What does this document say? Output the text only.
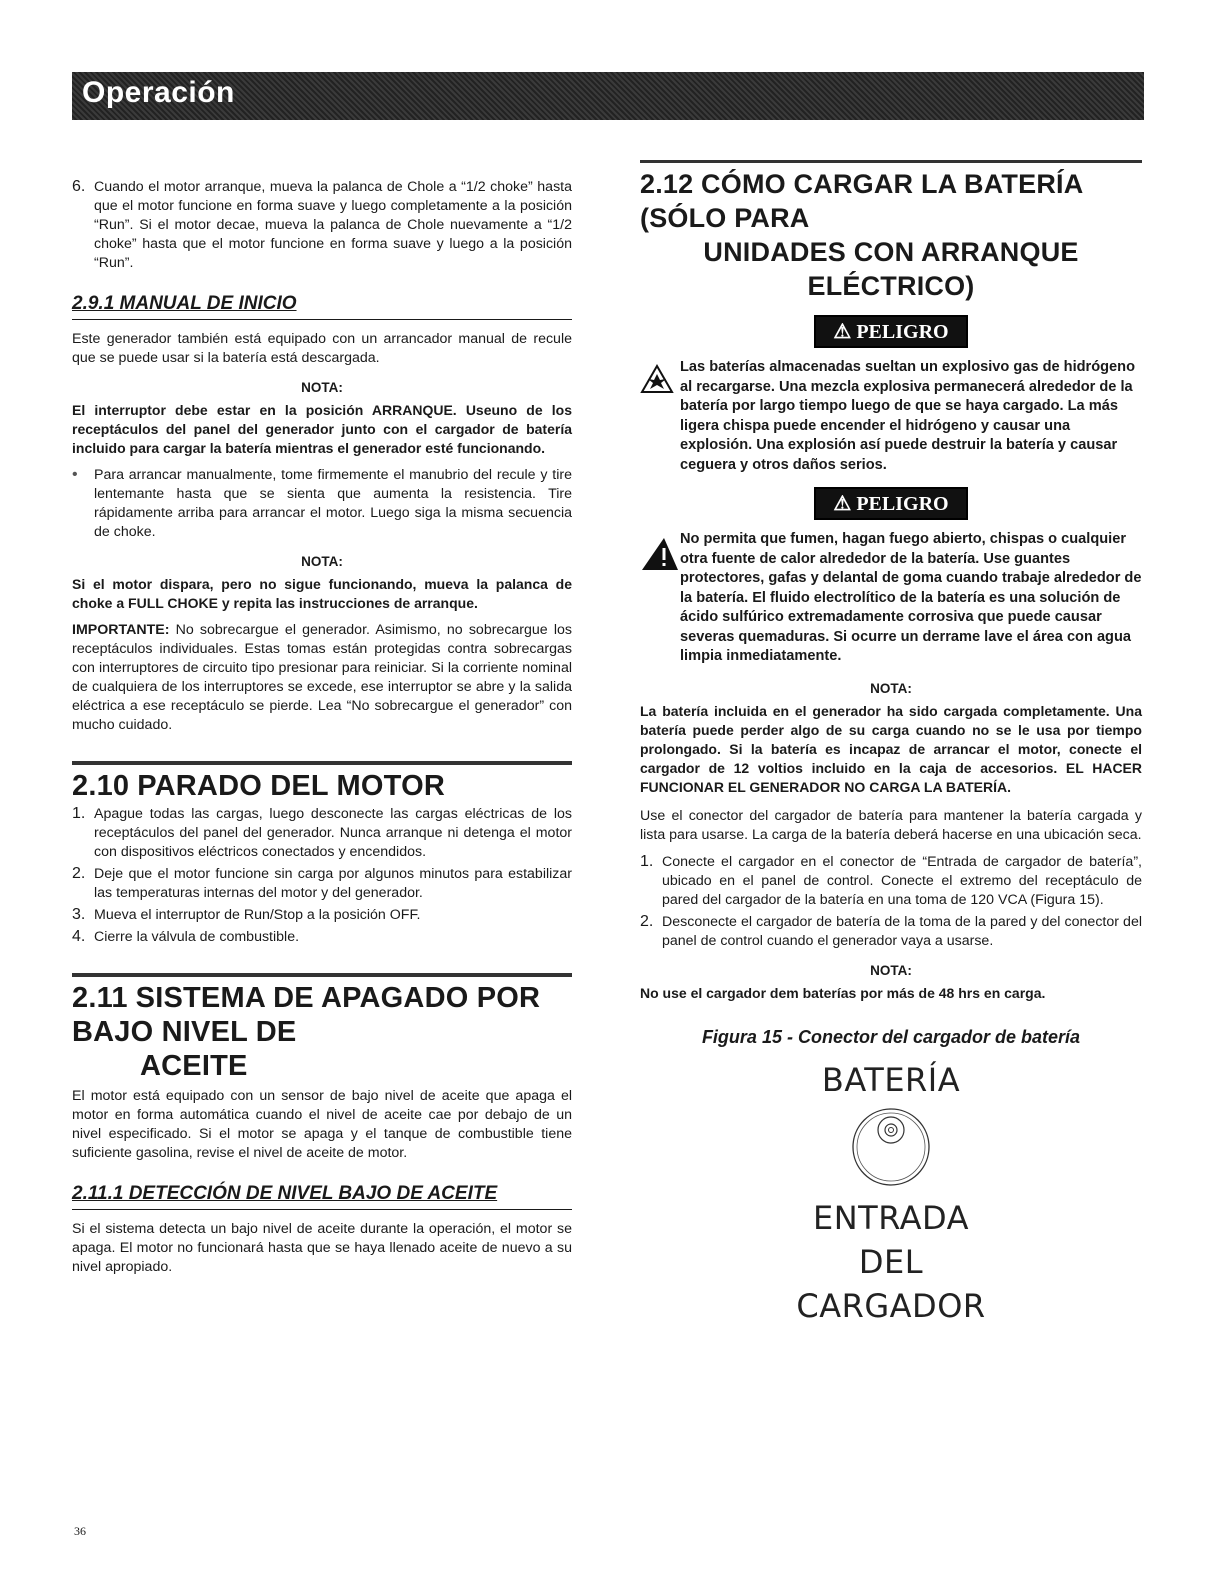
Operación
6. Cuando el motor arranque, mueva la palanca de Chole a “1/2 choke” hasta que el motor funcione en forma suave y luego completamente a la posición “Run”. Si el motor decae, mueva la palanca de Chole nuevamente a “1/2 choke” hasta que el motor funcione en forma suave y luego a la posición “Run”.
2.9.1 MANUAL DE INICIO

Este generador también está equipado con un arrancador manual de recule que se puede usar si la batería está descargada.

NOTA:

El interruptor debe estar en la posición ARRANQUE. Useuno de los receptáculos del panel del generador junto con el cargador de batería incluido para cargar la batería mientras el generador esté funcionando.

•	Para arrancar manualmente, tome firmemente el manubrio del recule y tire lentemante hasta que se sienta que aumenta la resistencia. Tire rápidamente arriba para arrancar el motor. Luego siga la misma secuencia de choke.
NOTA:

Si el motor dispara, pero no sigue funcionando, mueva la palanca de choke a FULL CHOKE y repita las instrucciones de arranque.

IMPORTANTE: No sobrecargue el generador. Asimismo, no sobrecargue los receptáculos individuales. Estas tomas están protegidas contra sobrecargas con interruptores de circuito tipo presionar para reiniciar. Si la corriente nominal de cualquiera de los interruptores se excede, ese interruptor se abre y la salida eléctrica a ese receptáculo se pierde. Lea “No sobrecargue el generador” con mucho cuidado.

2.10 PARADO DEL MOTOR
1. Apague todas las cargas, luego desconecte las cargas eléctricas de los receptáculos del panel del generador. Nunca arranque ni detenga el motor con dispositivos eléctricos conectados y encendidos.
2. Deje que el motor funcione sin carga por algunos minutos para estabilizar las temperaturas internas del motor y del generador.
3. Mueva el interruptor de Run/Stop a la posición OFF.
4. Cierre la válvula de combustible.
2.11 SISTEMA DE APAGADO POR BAJO NIVEL DE
ACEITE

El motor está equipado con un sensor de bajo nivel de aceite que apaga el motor en forma automática cuando el nivel de aceite cae por debajo de un nivel especificado. Si el motor se apaga y el tanque de combustible tiene suficiente gasolina, revise el nivel de aceite de motor.

2.11.1 DETECCIÓN DE NIVEL BAJO DE ACEITE

Si el sistema detecta un bajo nivel de aceite durante la operación, el motor se apaga. El motor no funcionará hasta que se haya llenado aceite de nuevo a su nivel apropiado.

2.12 CÓMO CARGAR LA BATERÍA (SÓLO PARA
UNIDADES CON ARRANQUE ELÉCTRICO)
⚠ PELIGRO
Las baterías almacenadas sueltan un explosivo gas de hidrógeno al recargarse. Una mezcla explosiva permanecerá alrededor de la batería por largo tiempo luego de que se haya cargado. La más ligera chispa puede encender el hidrógeno y causar una explosión. Una explosión así puede destruir la batería y causar ceguera y otros daños serios.
⚠ PELIGRO
No permita que fumen, hagan fuego abierto, chispas o cualquier otra fuente de calor alrededor de la batería. Use guantes protectores, gafas y delantal de goma cuando trabaje alrededor de la batería. El fluido electrolítico de la batería es una solución de ácido sulfúrico extremadamente corrosiva que puede causar severas quemaduras. Si ocurre un derrame lave el área con agua limpia inmediatamente.
NOTA:

La batería incluida en el generador ha sido cargada completamente. Una batería puede perder algo de su carga cuando no se le usa por tiempo prolongado. Si la batería es incapaz de arrancar el motor, conecte el cargador de 12 voltios incluido en la caja de accesorios. EL HACER FUNCIONAR EL GENERADOR NO CARGA LA BATERÍA.

Use el conector del cargador de batería para mantener la batería cargada y lista para usarse. La carga de la batería deberá hacerse en una ubicación seca.

1. Conecte el cargador en el conector de “Entrada de cargador de batería”, ubicado en el panel de control. Conecte el extremo del receptáculo de pared del cargador de la batería en una toma de 120 VCA (Figura 15).
2. Desconecte el cargador de batería de la toma de la pared y del conector del panel de control cuando el generador vaya a usarse.
NOTA:

No use el cargador dem baterías por más de 48 hrs en carga.

Figura 15 - Conector del cargador de batería
BATERÍA
ENTRADA
DEL
CARGADOR
36
